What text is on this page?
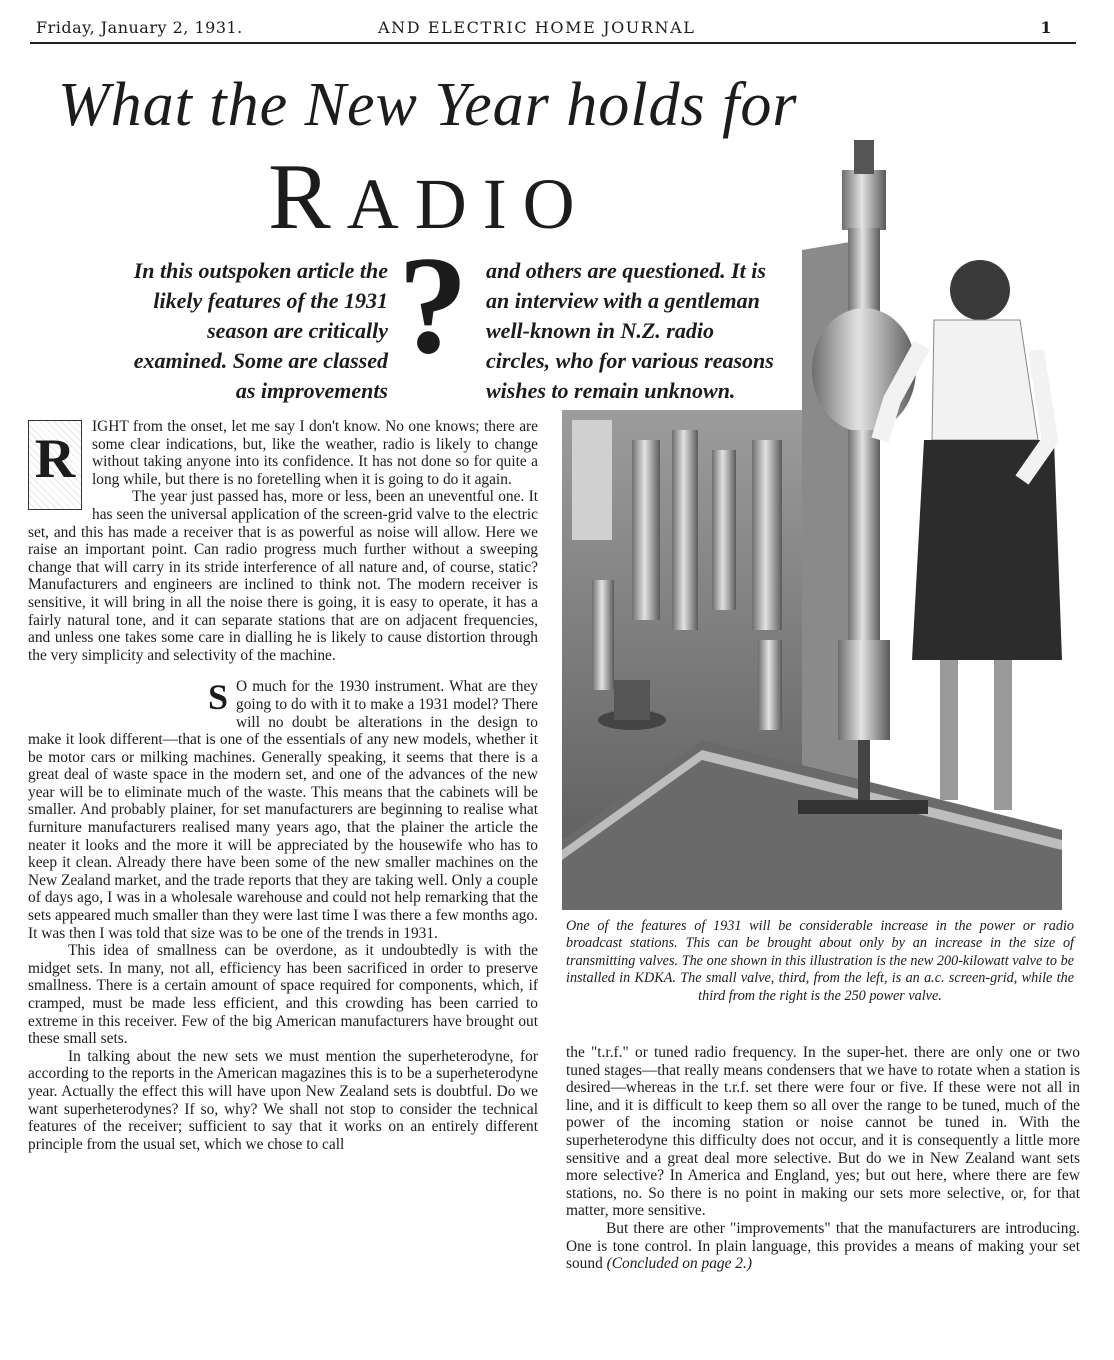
Friday, January 2, 1931.	AND ELECTRIC HOME JOURNAL	1
What the New Year holds for
RADIO
In this outspoken article the likely features of the 1931 season are critically examined. Some are classed as improvements
? and others are questioned. It is an interview with a gentleman well-known in N.Z. radio circles, who for various reasons wishes to remain unknown.
One of the features of 1931 will be considerable increase in the power or radio broadcast stations. This can be brought about only by an increase in the size of transmitting valves. The one shown in this illustration is the new 200-kilowatt valve to be installed in KDKA. The small valve, third, from the left, is an a.c. screen-grid, while the third from the right is the 250 power valve.
R

IGHT from the onset, let me say I don't know. No one knows; there are some clear indications, but, like the weather, radio is likely to change without taking anyone into its confidence. It has not done so for quite a long while, but there is no foretelling when it is going to do it again.

The year just passed has, more or less, been an uneventful one. It has seen the universal application of the screen-grid valve to the electric set, and this has made a receiver that is as powerful as noise will allow. Here we raise an important point. Can radio progress much further without a sweeping change that will carry in its stride interference of all nature and, of course, static? Manufacturers and engineers are inclined to think not. The modern receiver is sensitive, it will bring in all the noise there is going, it is easy to operate, it has a fairly natural tone, and it can separate stations that are on adjacent frequencies, and unless one takes some care in dialling he is likely to cause distortion through the very simplicity and selectivity of the machine.

S O much for the 1930 instrument. What are they going to do with it to make a 1931 model? There will no doubt be alterations in the design to make it look different—that is one of the essentials of any new models, whether it be motor cars or milking machines. Generally speaking, it seems that there is a great deal of waste space in the modern set, and one of the advances of the new year will be to eliminate much of the waste. This means that the cabinets will be smaller. And probably plainer, for set manufacturers are beginning to realise what furniture manufacturers realised many years ago, that the plainer the article the neater it looks and the more it will be appreciated by the housewife who has to keep it clean. Already there have been some of the new smaller machines on the New Zealand market, and the trade reports that they are taking well. Only a couple of days ago, I was in a wholesale warehouse and could not help remarking that the sets appeared much smaller than they were last time I was there a few months ago. It was then I was told that size was to be one of the trends in 1931.

This idea of smallness can be overdone, as it undoubtedly is with the midget sets. In many, not all, efficiency has been sacrificed in order to preserve smallness. There is a certain amount of space required for components, which, if cramped, must be made less efficient, and this crowding has been carried to extreme in this receiver. Few of the big American manufacturers have brought out these small sets.

In talking about the new sets we must mention the superheterodyne, for according to the reports in the American magazines this is to be a superheterodyne year. Actually the effect this will have upon New Zealand sets is doubtful. Do we want superheterodynes? If so, why? We shall not stop to consider the technical features of the receiver; sufficient to say that it works on an entirely different principle from the usual set, which we chose to call

the "t.r.f." or tuned radio frequency. In the super-het. there are only one or two tuned stages—that really means condensers that we have to rotate when a station is desired—whereas in the t.r.f. set there were four or five. If these were not all in line, and it is difficult to keep them so all over the range to be tuned, much of the power of the incoming station or noise cannot be tuned in. With the superheterodyne this difficulty does not occur, and it is consequently a little more sensitive and a great deal more selective. But do we in New Zealand want sets more selective? In America and England, yes; but out here, where there are few stations, no. So there is no point in making our sets more selective, or, for that matter, more sensitive.

But there are other "improvements" that the manufacturers are introducing. One is tone control. In plain language, this provides a means of making your set sound (Concluded on page 2.)
